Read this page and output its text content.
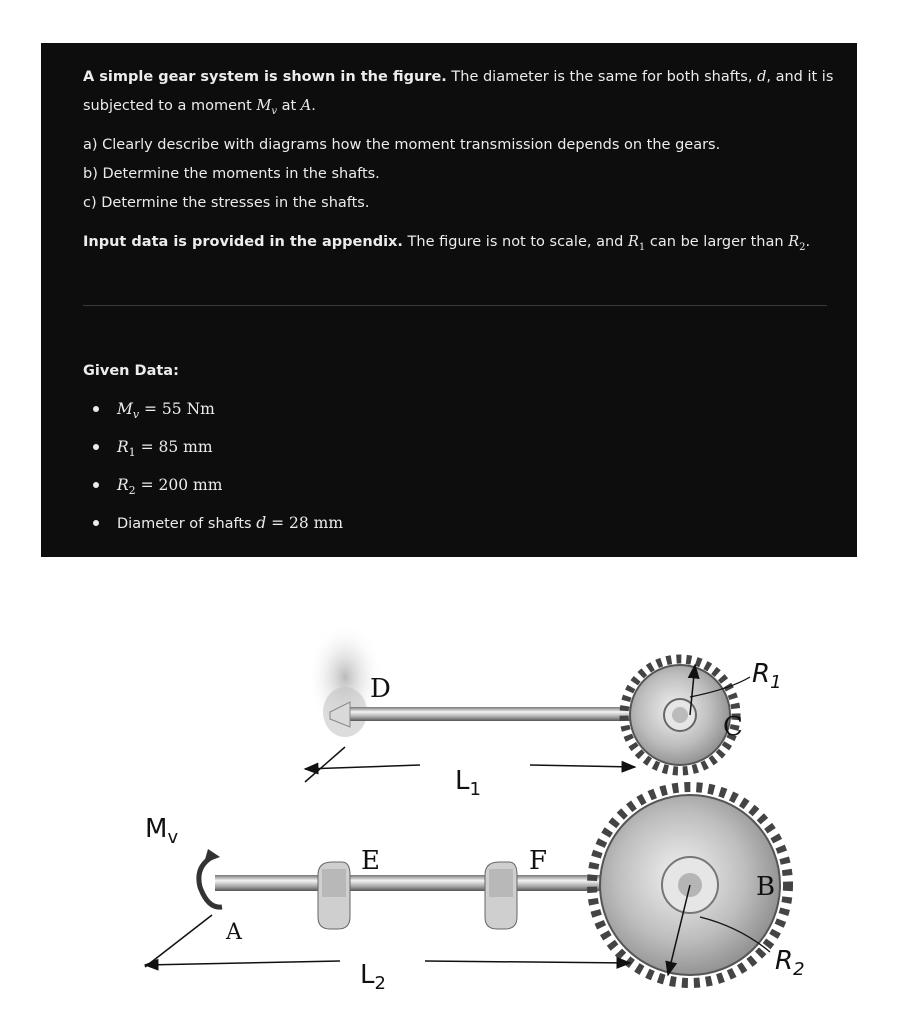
A simple gear system is shown in the figure. The diameter is the same for both shafts, d, and it is
subjected to a moment $M_v$ at A.
a) Clearly describe with diagrams how the moment transmission depends on the gears.
b) Determine the moments in the shafts.
c) Determine the stresses in the shafts.
Input data is provided in the appendix. The figure is not to scale, and $R_1$ can be larger than $R_2$.
Given Data:
$M_v = 55$ Nm
$R_1 = 85$ mm
$R_2 = 200$ mm
Diameter of shafts d = 28 mm
D
C
E	F
A
B
$R_1$
$R_2$
$L_1$
$L_2$
$M_v$
